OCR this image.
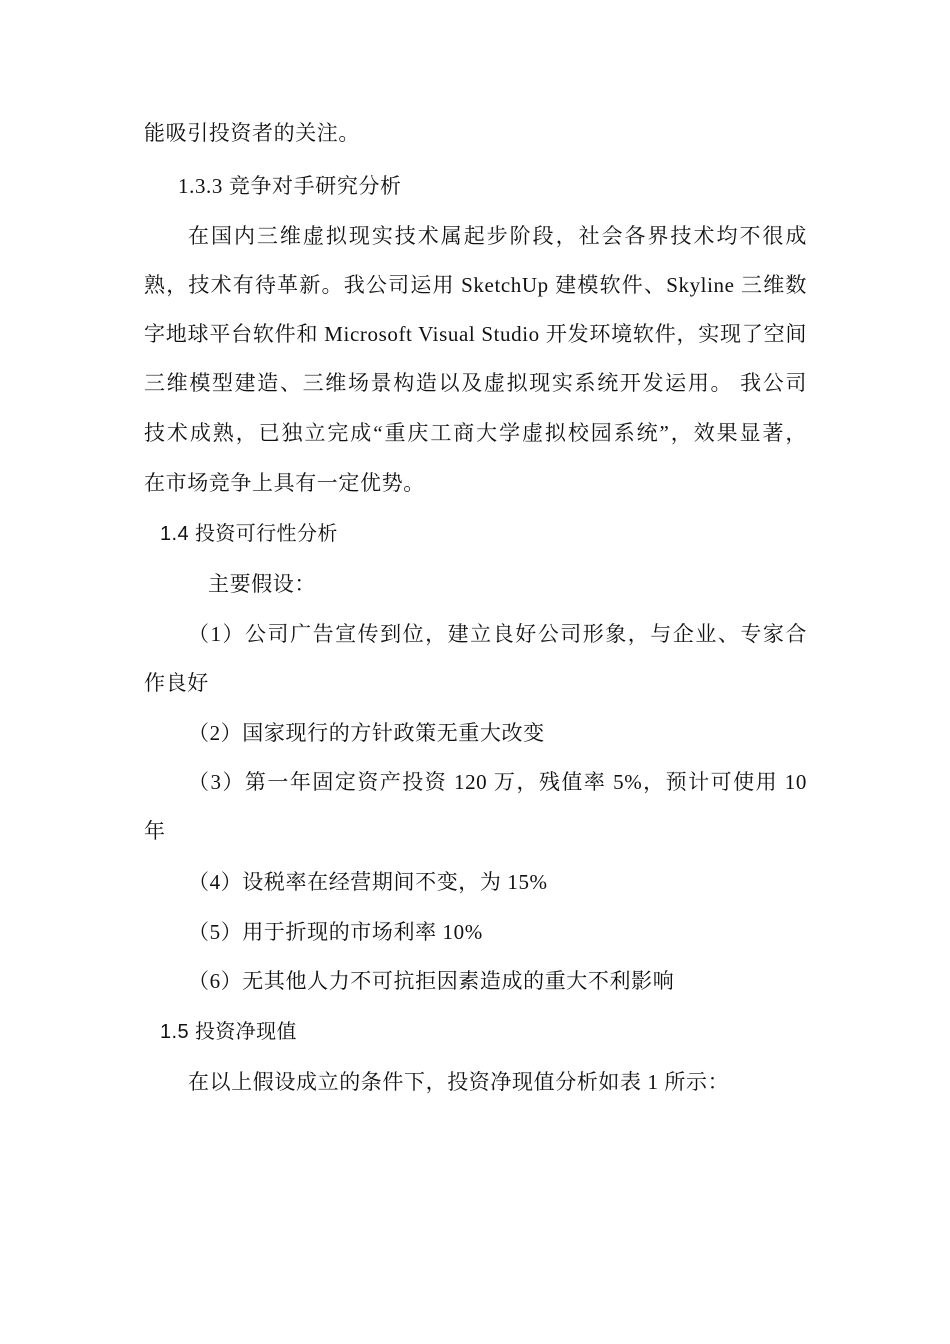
能吸引投资者的关注。
1.3.3 竞争对手研究分析
在国内三维虚拟现实技术属起步阶段，社会各界技术均不很成
熟，技术有待革新。我公司运用 SketchUp 建模软件、Skyline 三维数
字地球平台软件和 Microsoft Visual Studio 开发环境软件，实现了空间
三维模型建造、三维场景构造以及虚拟现实系统开发运用。 我公司
技术成熟，已独立完成“重庆工商大学虚拟校园系统”，效果显著，
在市场竞争上具有一定优势。
1.4 投资可行性分析
主要假设：
（1）公司广告宣传到位，建立良好公司形象，与企业、专家合
作良好
（2）国家现行的方针政策无重大改变
（3）第一年固定资产投资 120 万，残值率 5%，预计可使用 10
年
（4）设税率在经营期间不变，为 15%
（5）用于折现的市场利率 10%
（6）无其他人力不可抗拒因素造成的重大不利影响
1.5 投资净现值
在以上假设成立的条件下，投资净现值分析如表 1 所示：
